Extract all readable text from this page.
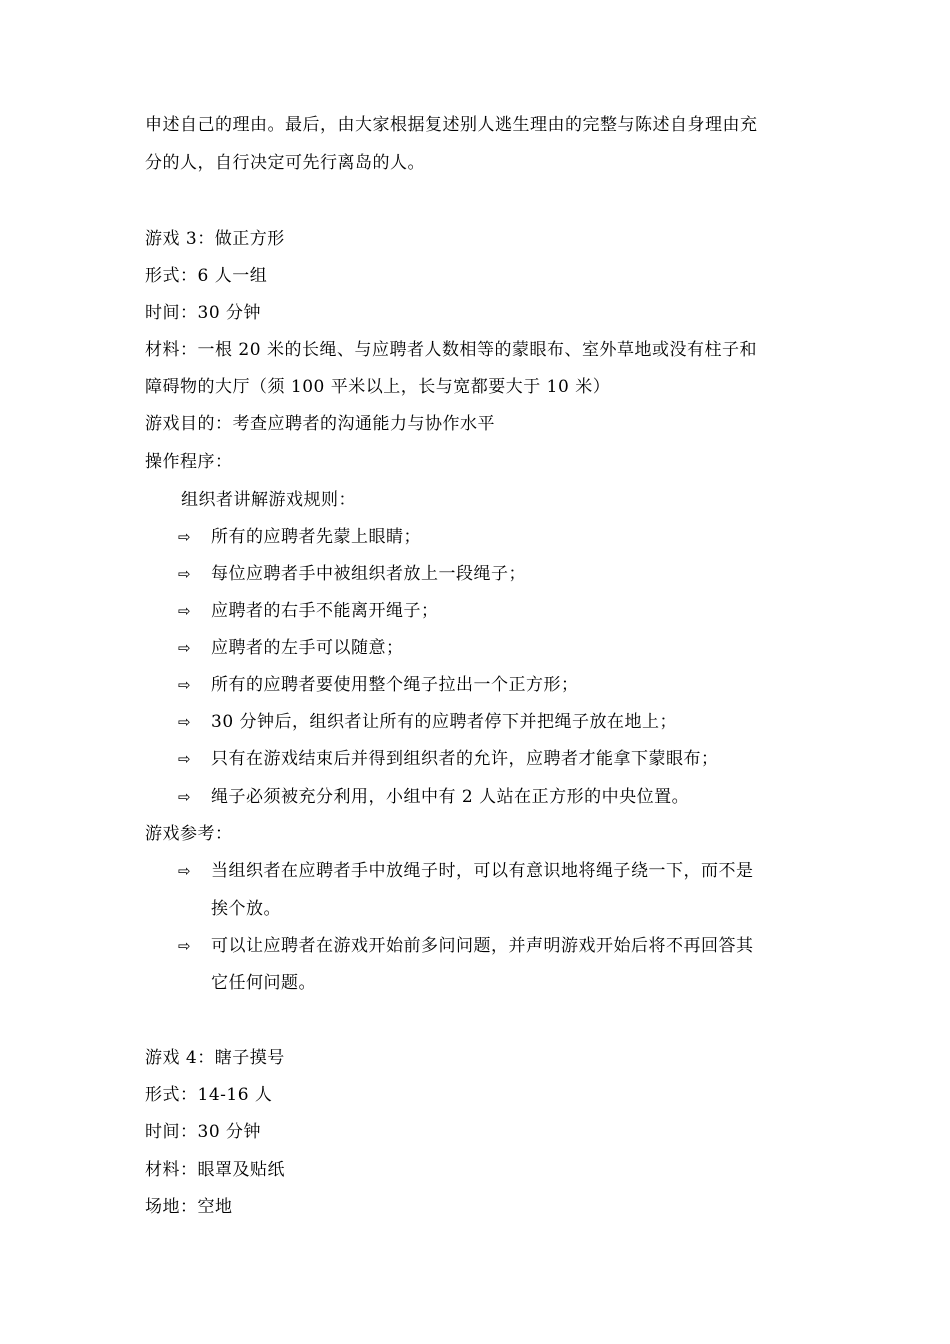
申述自己的理由。最后，由大家根据复述别人逃生理由的完整与陈述自身理由充
分的人，自行决定可先行离岛的人。
游戏 3：做正方形
形式：6 人一组
时间：30 分钟
材料：一根 20 米的长绳、与应聘者人数相等的蒙眼布、室外草地或没有柱子和
障碍物的大厅（须 100 平米以上，长与宽都要大于 10 米）
游戏目的：考查应聘者的沟通能力与协作水平
操作程序：
组织者讲解游戏规则：
⇨ 所有的应聘者先蒙上眼睛；
⇨ 每位应聘者手中被组织者放上一段绳子；
⇨ 应聘者的右手不能离开绳子；
⇨ 应聘者的左手可以随意；
⇨ 所有的应聘者要使用整个绳子拉出一个正方形；
⇨ 30 分钟后，组织者让所有的应聘者停下并把绳子放在地上；
⇨ 只有在游戏结束后并得到组织者的允许，应聘者才能拿下蒙眼布；
⇨ 绳子必须被充分利用，小组中有 2 人站在正方形的中央位置。
游戏参考：
⇨ 当组织者在应聘者手中放绳子时，可以有意识地将绳子绕一下，而不是
挨个放。
⇨ 可以让应聘者在游戏开始前多问问题，并声明游戏开始后将不再回答其
它任何问题。
游戏 4：瞎子摸号
形式：14-16 人
时间：30 分钟
材料：眼罩及贴纸
场地：空地
